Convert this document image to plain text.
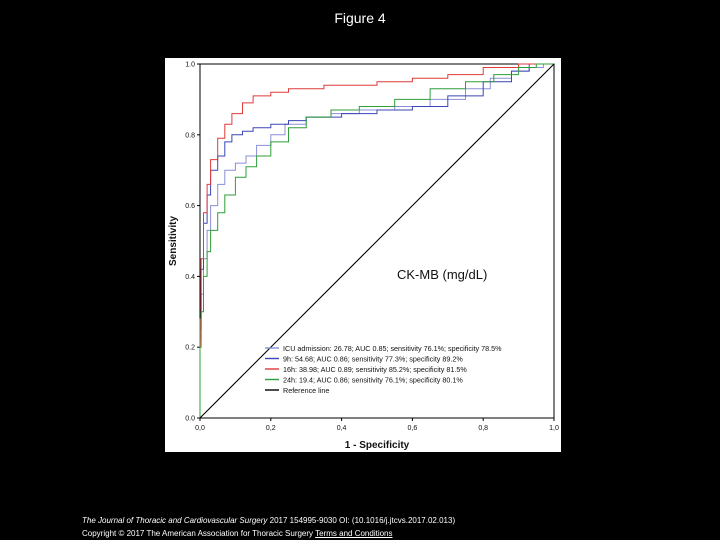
Figure 4
0,0	0,2	0,4	0,6	0,8	1,0
0.0
0.2
0.4
0.6
0.8
1.0
CK-MB (mg/dL)
1 - Specificity
Sensitivity
ICU admission: 26.78; AUC 0.85; sensitivity 76.1%; specificity 78.5%
9h: 54.68; AUC 0.86; sensitivity 77.3%; specificity 89.2%
16h: 38.98; AUC 0.89; sensitivity 85.2%; specificity 81.5%
24h: 19.4; AUC 0.86; sensitivity 76.1%; specificity 80.1%
Reference line
The Journal of Thoracic and Cardiovascular Surgery 2017 154995-9030 OI: (10.1016/j.jtcvs.2017.02.013)
Copyright © 2017 The American Association for Thoracic Surgery Terms and Conditions
